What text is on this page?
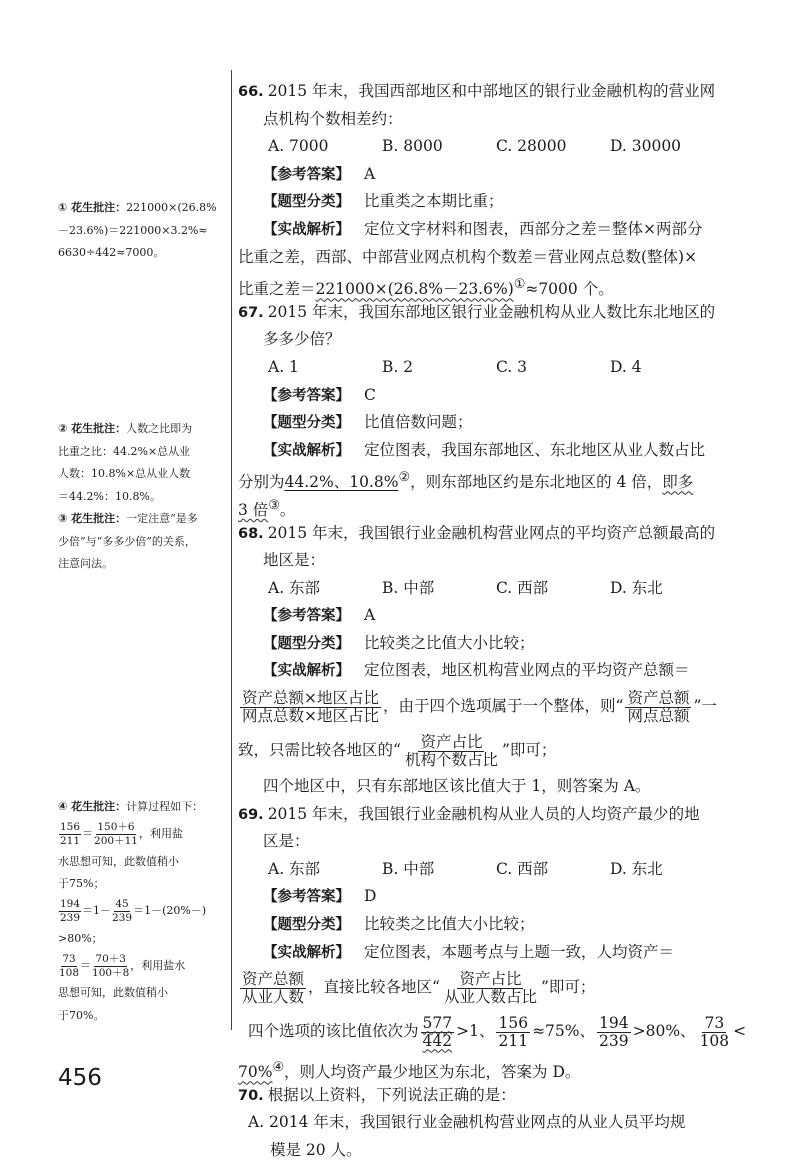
66. 2015 年末，我国西部地区和中部地区的银行业金融机构的营业网
点机构个数相差约：
A. 7000	B. 8000	C. 28000	D. 30000
【参考答案】 A
【题型分类】 比重类之本期比重；
【实战解析】 定位文字材料和图表，西部分之差＝整体×两部分
比重之差，西部、中部营业网点机构个数差＝营业网点总数(整体)×
比重之差＝221000×(26.8%－23.6%)①≈7000 个。
67. 2015 年末，我国东部地区银行业金融机构从业人数比东北地区的
多多少倍？
A. 1	B. 2	C. 3	D. 4
【参考答案】 C
【题型分类】 比值倍数问题；
【实战解析】 定位图表，我国东部地区、东北地区从业人数占比
分别为44.2%、10.8%②，则东部地区约是东北地区的 4 倍，即多
3 倍③。
68. 2015 年末，我国银行业金融机构营业网点的平均资产总额最高的
地区是：
A. 东部	B. 中部	C. 西部	D. 东北
【参考答案】 A
【题型分类】 比较类之比值大小比较；
【实战解析】 定位图表，地区机构营业网点的平均资产总额＝
$\frac{\text{资产总额×地区占比}}{\text{网点总数×地区占比}}$ ，由于四个选项属于一个整体，则“ $\frac{\text{资产总额}}{\text{网点总额}}$ ”一
致，只需比较各地区的“ $\frac{\text{资产占比}}{\text{机构个数占比}}$ ”即可；
四个地区中，只有东部地区该比值大于 1，则答案为 A。
69. 2015 年末，我国银行业金融机构从业人员的人均资产最少的地
区是：
A. 东部	B. 中部	C. 西部	D. 东北
【参考答案】 D
【题型分类】 比较类之比值大小比较；
【实战解析】 定位图表，本题考点与上题一致，人均资产＝
$\frac{\text{资产总额}}{\text{从业人数}}$ ，直接比较各地区“ $\frac{\text{资产占比}}{\text{从业人数占比}}$ ”即可；
四个选项的该比值依次为 $\frac{577}{442} >1$、 $\frac{156}{211} \approx 75\%$、 $\frac{194}{239} >80\%$、 $\frac{73}{108}$ <
70%④，则人均资产最少地区为东北，答案为 D。
70. 根据以上资料，下列说法正确的是：
A. 2014 年末，我国银行业金融机构营业网点的从业人员平均规
模是 20 人。
① 花生批注：221000×(26.8%
－23.6%)＝221000×3.2%≈
6630÷442≈7000。
② 花生批注：人数之比即为
比重之比：44.2%×总从业
人数：10.8%×总从业人数
＝44.2%：10.8%。
③ 花生批注：一定注意“是多
少倍”与“多多少倍”的关系，
注意问法。
④ 花生批注：计算过程如下：
$\frac{156}{211} = \frac{150+6}{200+11}$ ，利用盐
水思想可知，此数值稍小
于75%；
$\frac{194}{239} =1- \frac{45}{239} =1-(20\%-)$
>80%；
$\frac{73}{108} = \frac{70+3}{100+8}$ ，利用盐水
思想可知，此数值稍小
于70%。
456
